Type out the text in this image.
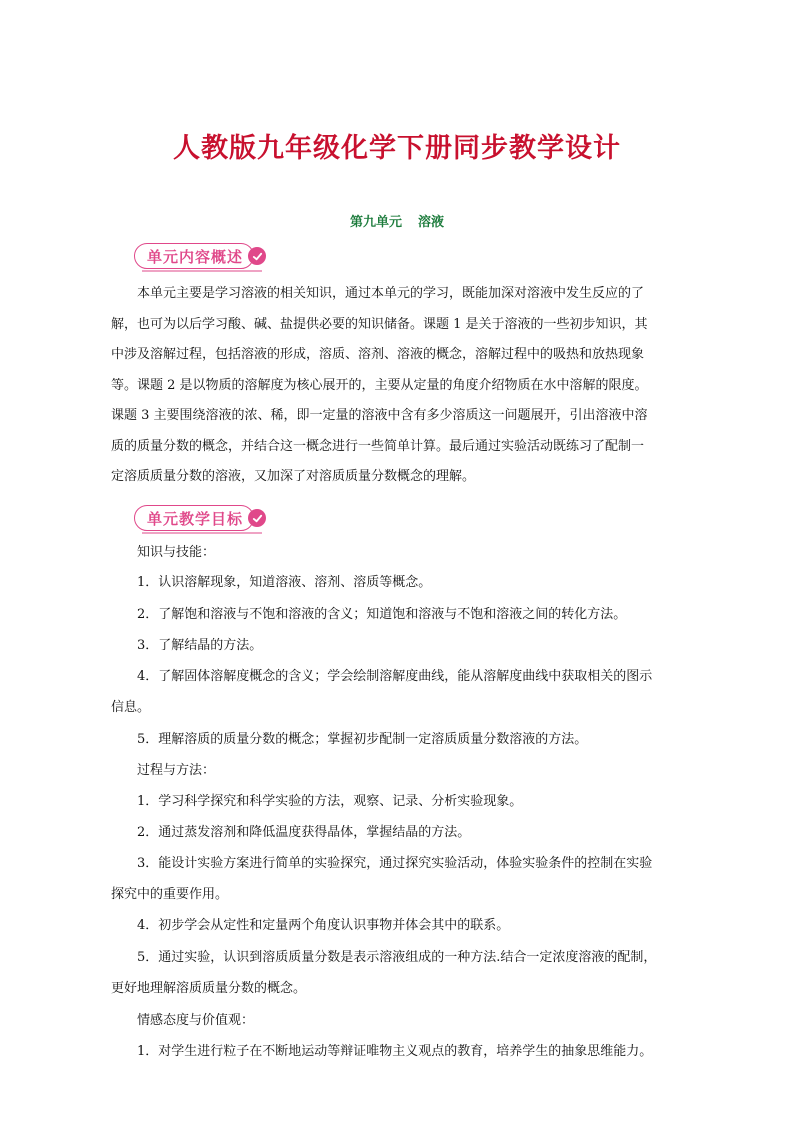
人教版九年级化学下册同步教学设计
第九单元 溶液
单元内容概述
本单元主要是学习溶液的相关知识，通过本单元的学习，既能加深对溶液中发生反应的了
解，也可为以后学习酸、碱、盐提供必要的知识储备。课题 1 是关于溶液的一些初步知识，其
中涉及溶解过程，包括溶液的形成，溶质、溶剂、溶液的概念，溶解过程中的吸热和放热现象
等。课题 2 是以物质的溶解度为核心展开的，主要从定量的角度介绍物质在水中溶解的限度。
课题 3 主要围绕溶液的浓、稀，即一定量的溶液中含有多少溶质这一问题展开，引出溶液中溶
质的质量分数的概念，并结合这一概念进行一些简单计算。最后通过实验活动既练习了配制一
定溶质质量分数的溶液，又加深了对溶质质量分数概念的理解。
单元教学目标
知识与技能：
1．认识溶解现象，知道溶液、溶剂、溶质等概念。
2．了解饱和溶液与不饱和溶液的含义；知道饱和溶液与不饱和溶液之间的转化方法。
3．了解结晶的方法。
4．了解固体溶解度概念的含义；学会绘制溶解度曲线，能从溶解度曲线中获取相关的图示
信息。
5．理解溶质的质量分数的概念；掌握初步配制一定溶质质量分数溶液的方法。
过程与方法：
1．学习科学探究和科学实验的方法，观察、记录、分析实验现象。
2．通过蒸发溶剂和降低温度获得晶体，掌握结晶的方法。
3．能设计实验方案进行简单的实验探究，通过探究实验活动，体验实验条件的控制在实验
探究中的重要作用。
4．初步学会从定性和定量两个角度认识事物并体会其中的联系。
5．通过实验，认识到溶质质量分数是表示溶液组成的一种方法.结合一定浓度溶液的配制，
更好地理解溶质质量分数的概念。
情感态度与价值观：
1．对学生进行粒子在不断地运动等辩证唯物主义观点的教育，培养学生的抽象思维能力。
